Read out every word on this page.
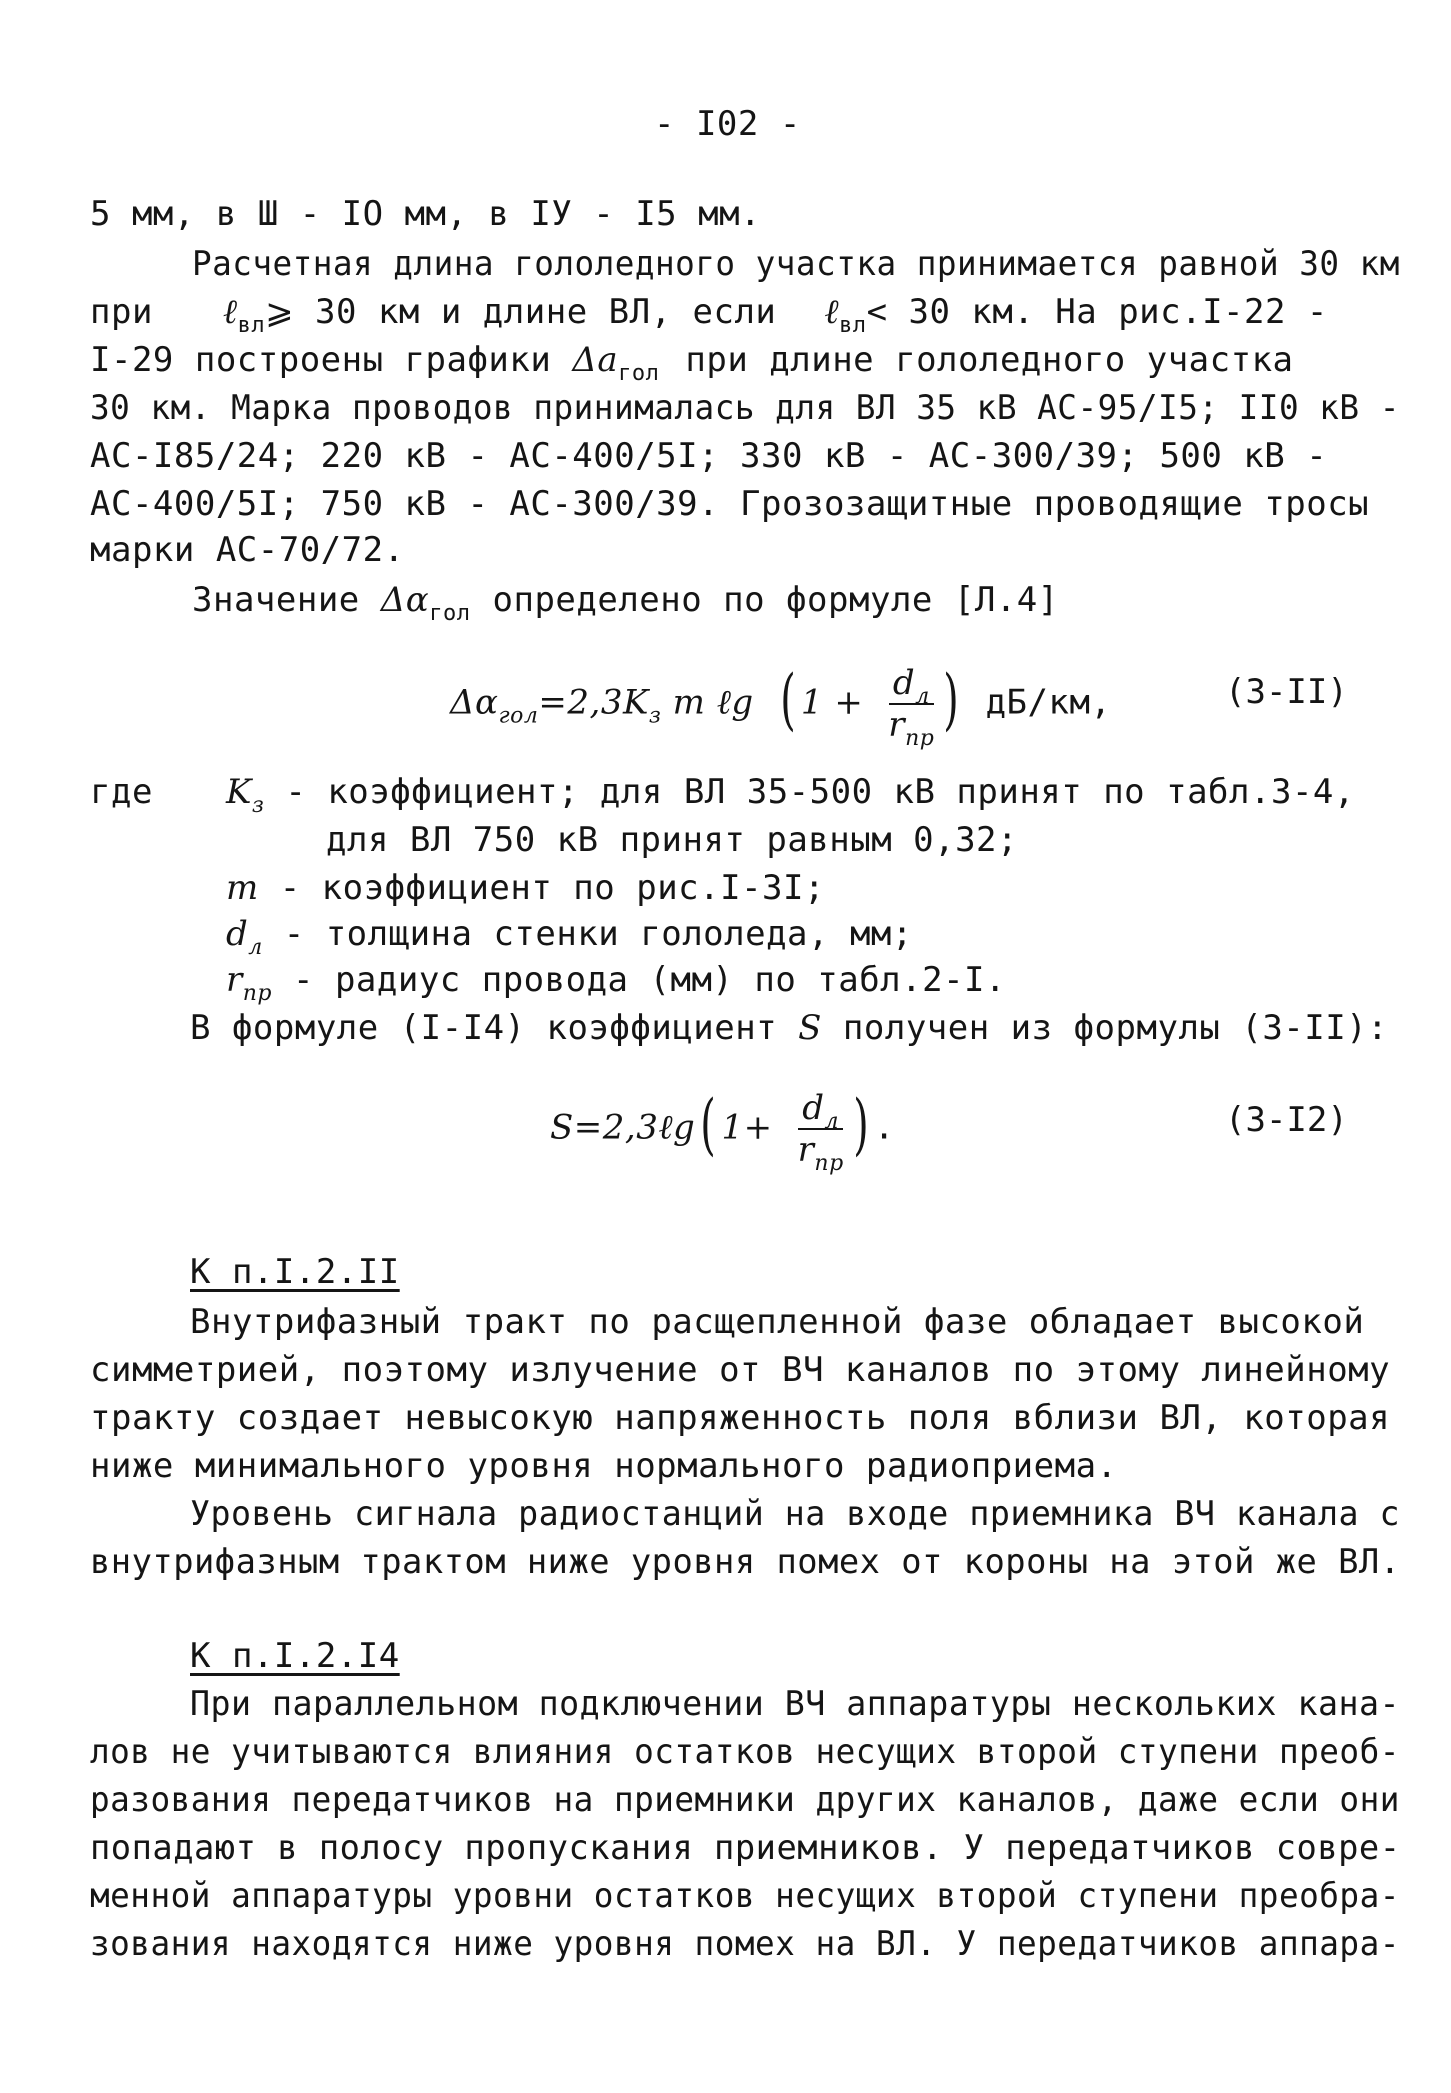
- I02 -
5 мм, в Ш - IO мм, в IУ - I5 мм.
Расчетная длина гололедного участка принимается равной 30 км
при ℓ$_{вл}$⩾ 30 км и длине ВЛ, если ℓ$_{вл}$< 30 км. На рис.I-22 -
I-29 построены графики $\Delta a_{гол}$ при длине гололедного участка
30 км. Марка проводов принималась для ВЛ 35 кВ АС-95/I5; II0 кВ -
АС-I85/24; 220 кВ - АС-400/5I; 330 кВ - АС-300/39; 500 кВ -
АС-400/5I; 750 кВ - АС-300/39. Грозозащитные проводящие тросы
марки АС-70/72.
Значение $\Delta\alpha_{гол}$ определено по формуле [Л.4]
$\Delta\alpha_{гол}=2,3K_з$ m ℓg ( $1 + \frac{d_л}{r_{пр}}$ ) дБ/км,	(3-II)
где $K_з$ - коэффициент; для ВЛ 35-500 кВ принят по табл.3-4,
для ВЛ 750 кВ принят равным 0,32;
m - коэффициент по рис.I-3I;
$d_л$ - толщина стенки гололеда, мм;
$r_{пр}$ - радиус провода (мм) по табл.2-I.
В формуле (I-I4) коэффициент S получен из формулы (3-II):
S=2,3ℓg( $1+ \frac{d_л}{r_{пр}}$ ) .	(3-I2)
К п.I.2.II
Внутрифазный тракт по расщепленной фазе обладает высокой
симметрией, поэтому излучение от ВЧ каналов по этому линейному
тракту создает невысокую напряженность поля вблизи ВЛ, которая
ниже минимального уровня нормального радиоприема.
Уровень сигнала радиостанций на входе приемника ВЧ канала с
внутрифазным трактом ниже уровня помех от короны на этой же ВЛ.
К п.I.2.I4
При параллельном подключении ВЧ аппаратуры нескольких кана-
лов не учитываются влияния остатков несущих второй ступени преоб-
разования передатчиков на приемники других каналов, даже если они
попадают в полосу пропускания приемников. У передатчиков совре-
менной аппаратуры уровни остатков несущих второй ступени преобра-
зования находятся ниже уровня помех на ВЛ. У передатчиков аппара-
